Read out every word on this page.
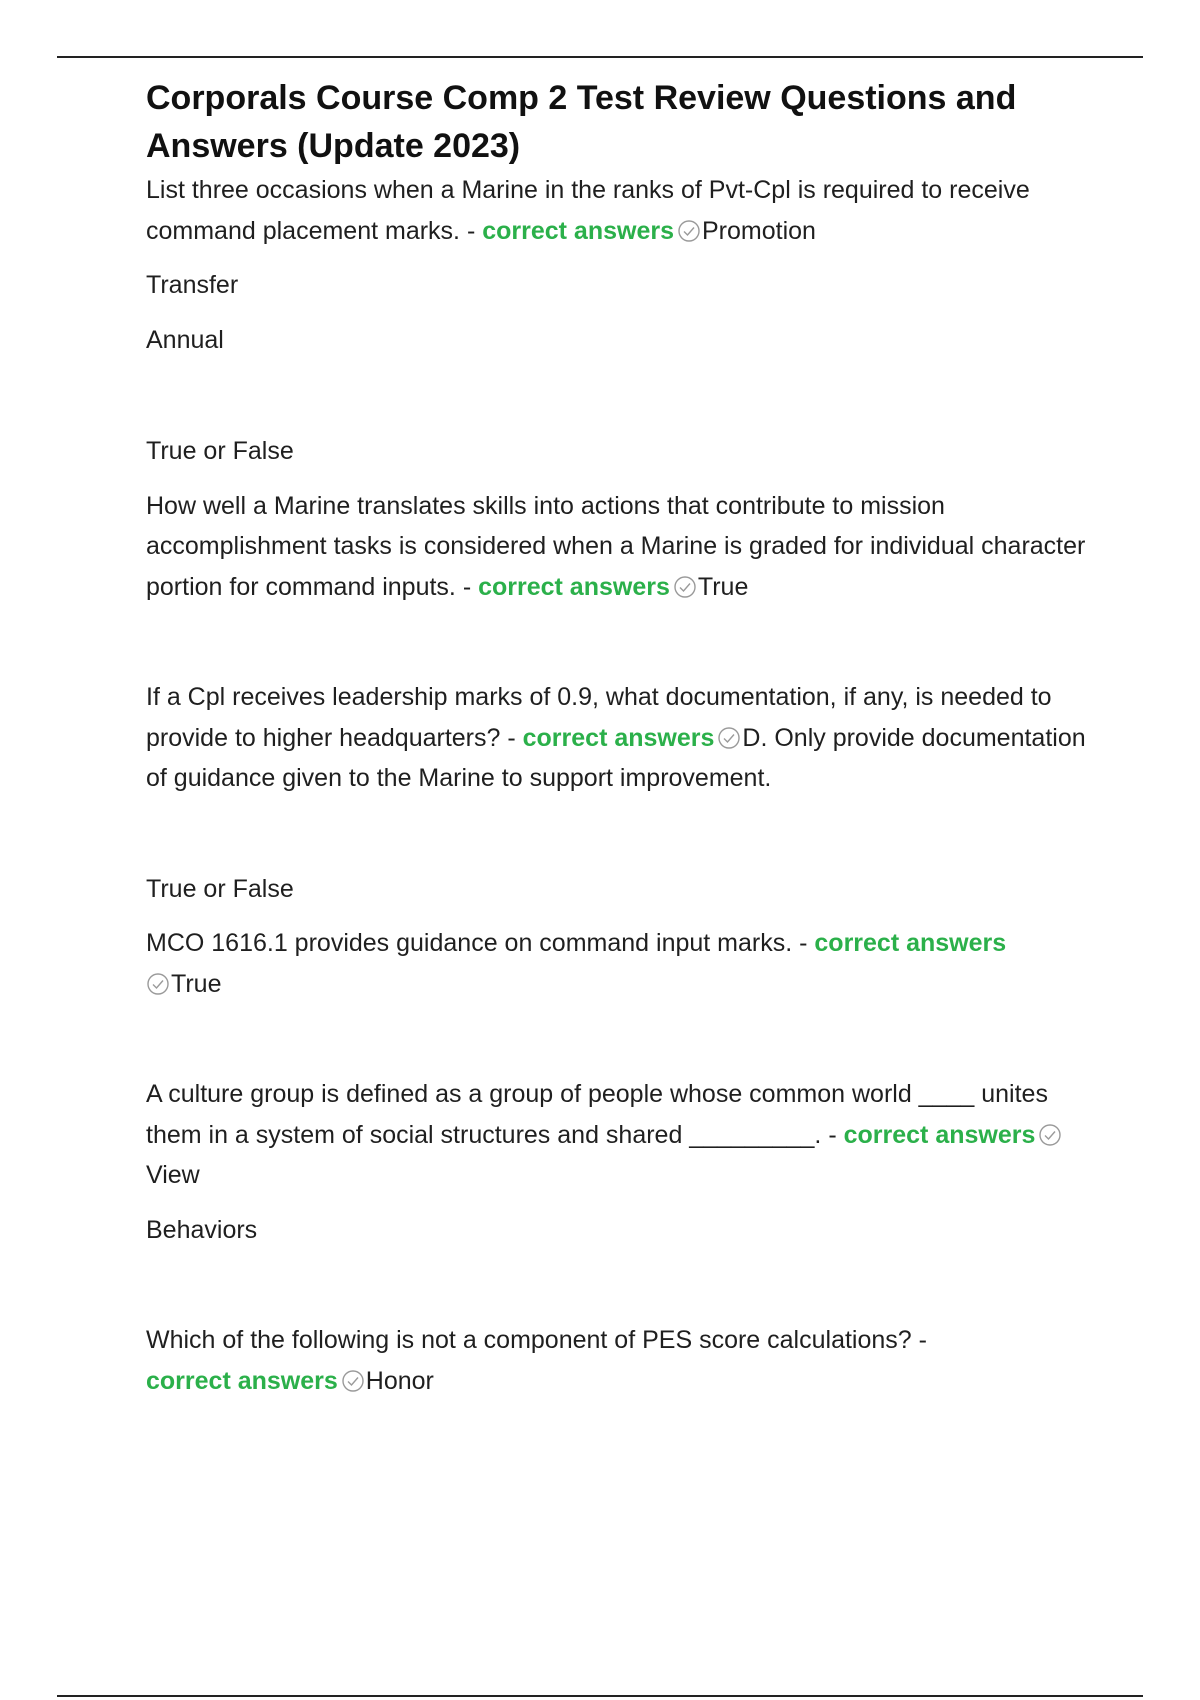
Corporals Course Comp 2 Test Review Questions and Answers (Update 2023)

List three occasions when a Marine in the ranks of Pvt-Cpl is required to receive command placement marks. - correct answers Promotion

Transfer

Annual

True or False

How well a Marine translates skills into actions that contribute to mission accomplishment tasks is considered when a Marine is graded for individual character portion for command inputs. - correct answers True

If a Cpl receives leadership marks of 0.9, what documentation, if any, is needed to provide to higher headquarters? - correct answers D. Only provide documentation of guidance given to the Marine to support improvement.

True or False

MCO 1616.1 provides guidance on command input marks. - correct answers
True

A culture group is defined as a group of people whose common world ____ unites them in a system of social structures and shared _________. - correct answersView

Behaviors

Which of the following is not a component of PES score calculations? -
correct answers Honor
